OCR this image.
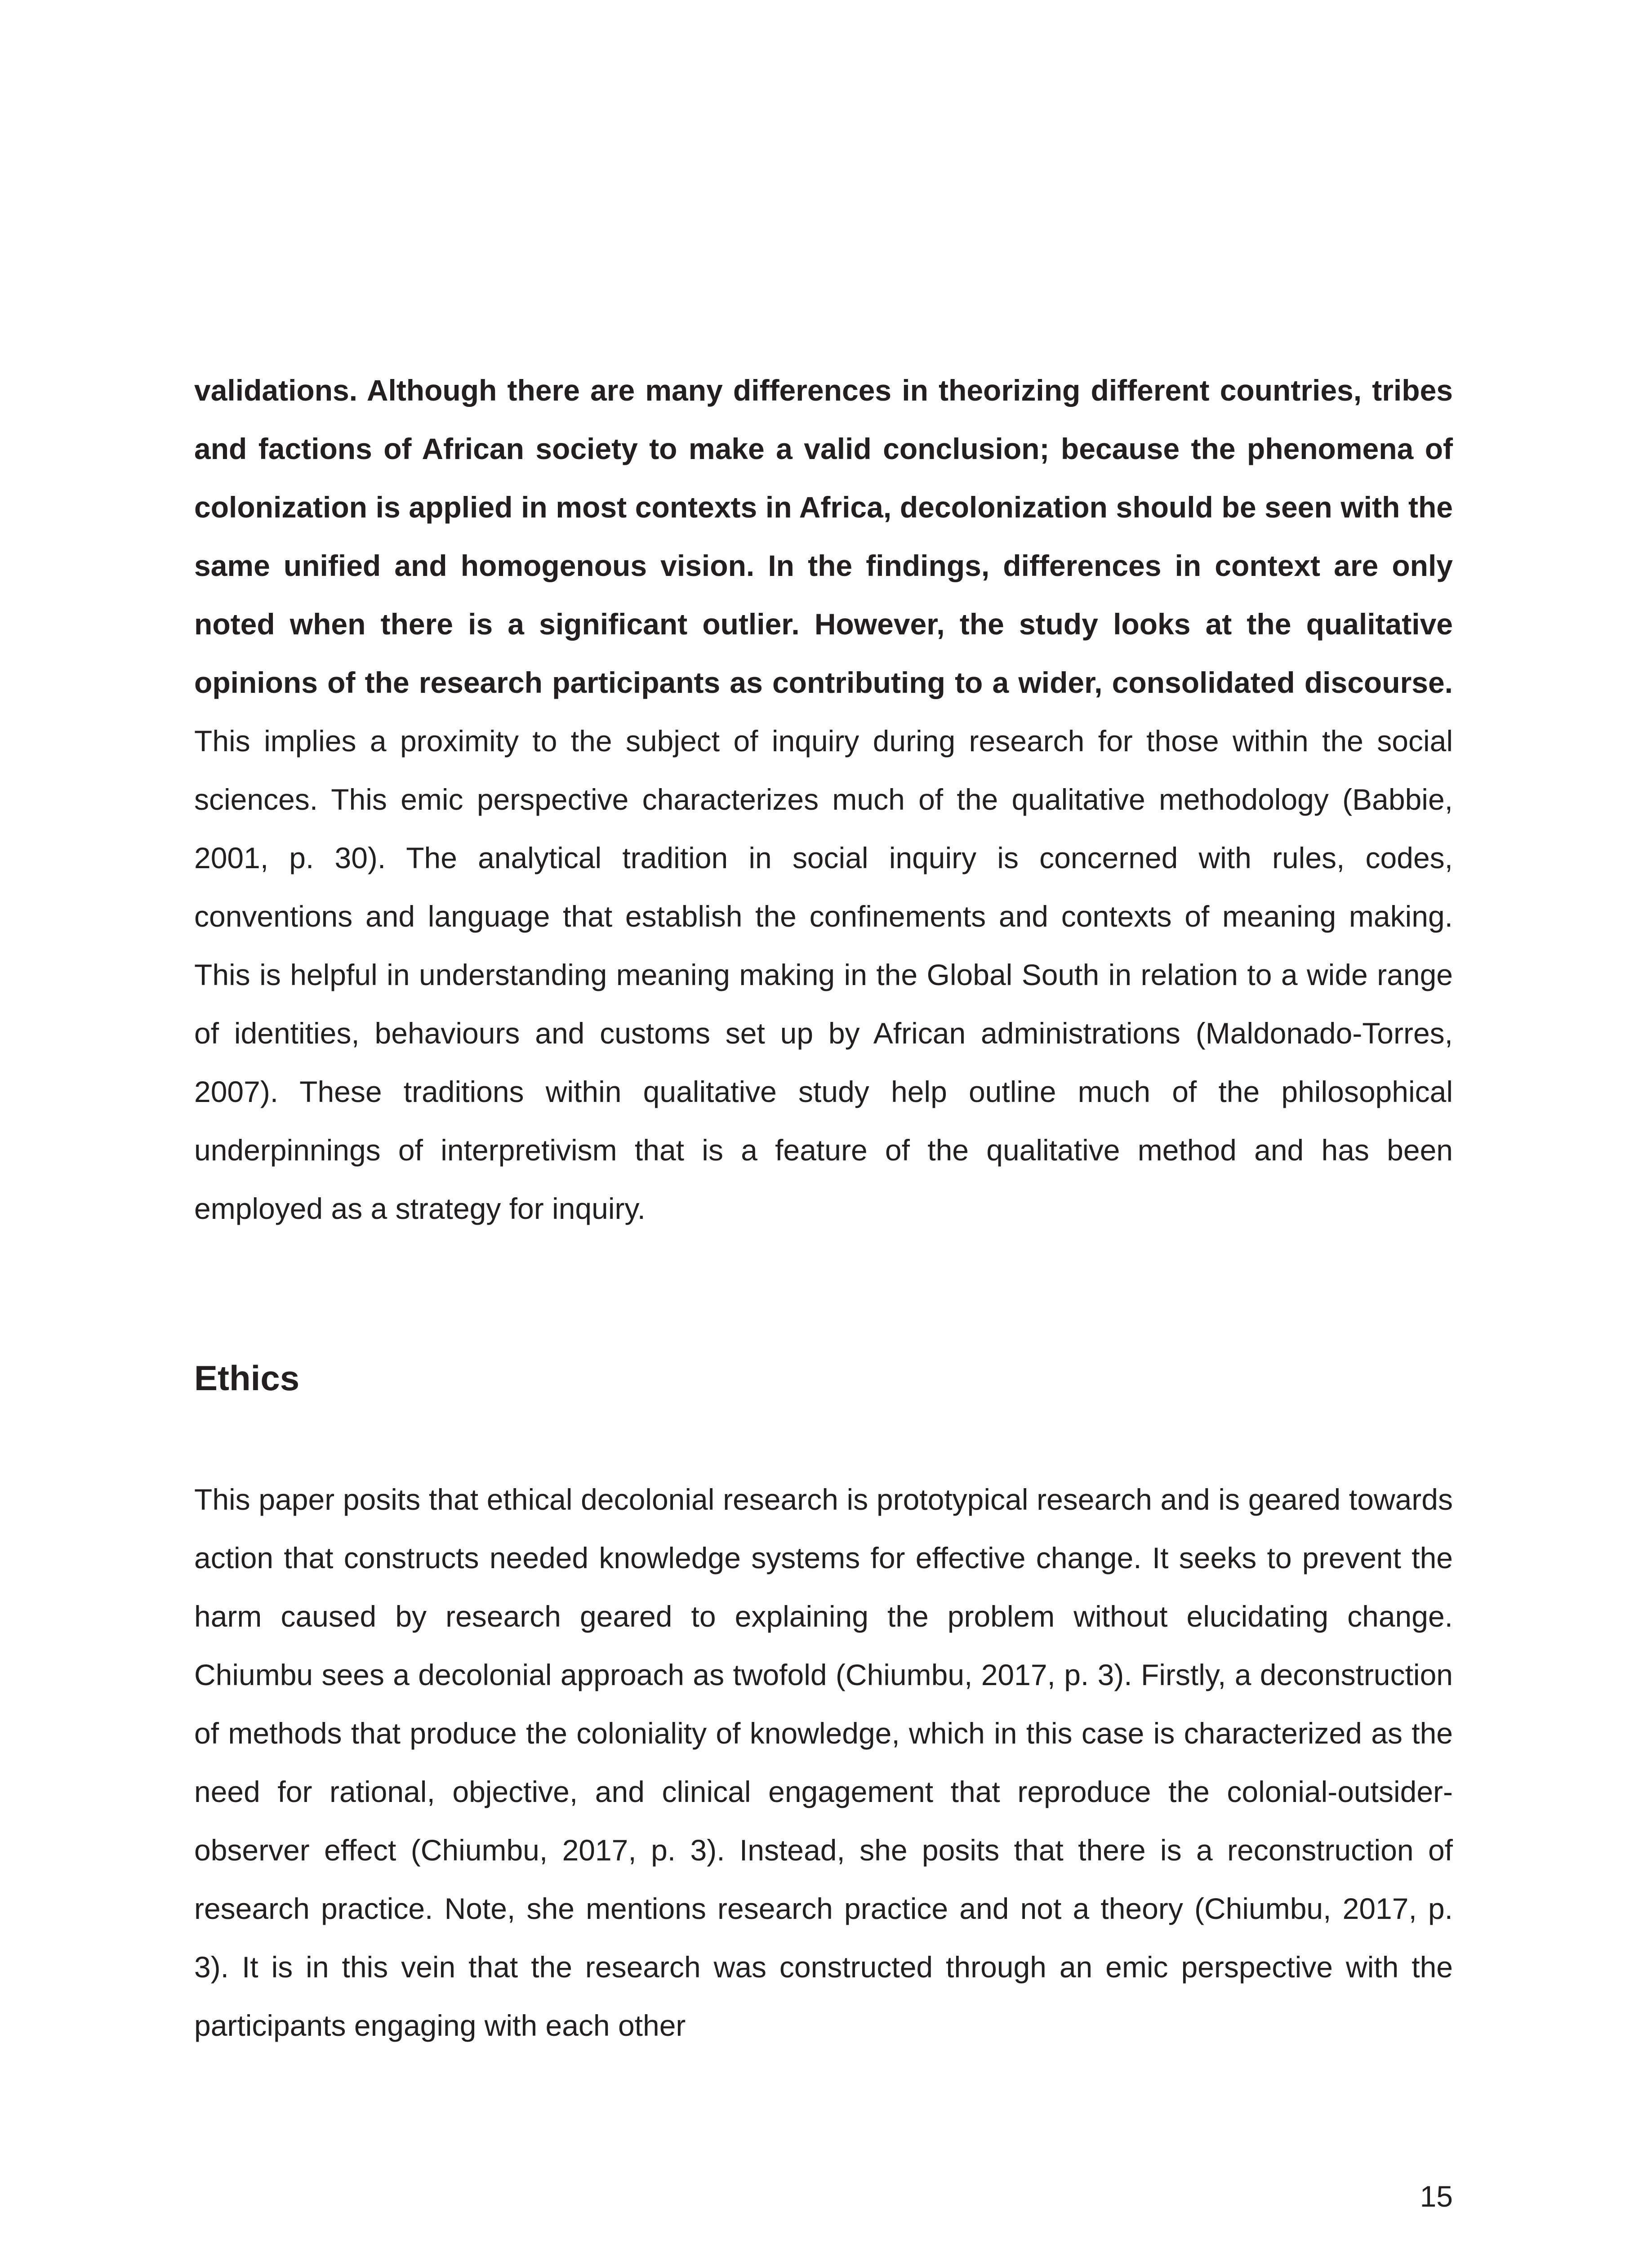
validations. Although there are many differences in theorizing different countries, tribes and factions of African society to make a valid conclusion; because the phenomena of colonization is applied in most contexts in Africa, decolonization should be seen with the same unified and homogenous vision. In the findings, differences in context are only noted when there is a significant outlier. However, the study looks at the qualitative opinions of the research participants as contributing to a wider, consolidated discourse. This implies a proximity to the subject of inquiry during research for those within the social sciences. This emic perspective characterizes much of the qualitative methodology (Babbie, 2001, p. 30). The analytical tradition in social inquiry is concerned with rules, codes, conventions and language that establish the confinements and contexts of meaning making. This is helpful in understanding meaning making in the Global South in relation to a wide range of identities, behaviours and customs set up by African administrations (Maldonado-Torres, 2007). These traditions within qualitative study help outline much of the philosophical underpinnings of interpretivism that is a feature of the qualitative method and has been employed as a strategy for inquiry.

Ethics

This paper posits that ethical decolonial research is prototypical research and is geared towards action that constructs needed knowledge systems for effective change. It seeks to prevent the harm caused by research geared to explaining the problem without elucidating change. Chiumbu sees a decolonial approach as twofold (Chiumbu, 2017, p. 3). Firstly, a deconstruction of methods that produce the coloniality of knowledge, which in this case is characterized as the need for rational, objective, and clinical engagement that reproduce the colonial-outsider-observer effect (Chiumbu, 2017, p. 3). Instead, she posits that there is a reconstruction of research practice. Note, she mentions research practice and not a theory (Chiumbu, 2017, p. 3). It is in this vein that the research was constructed through an emic perspective with the participants engaging with each other

15
